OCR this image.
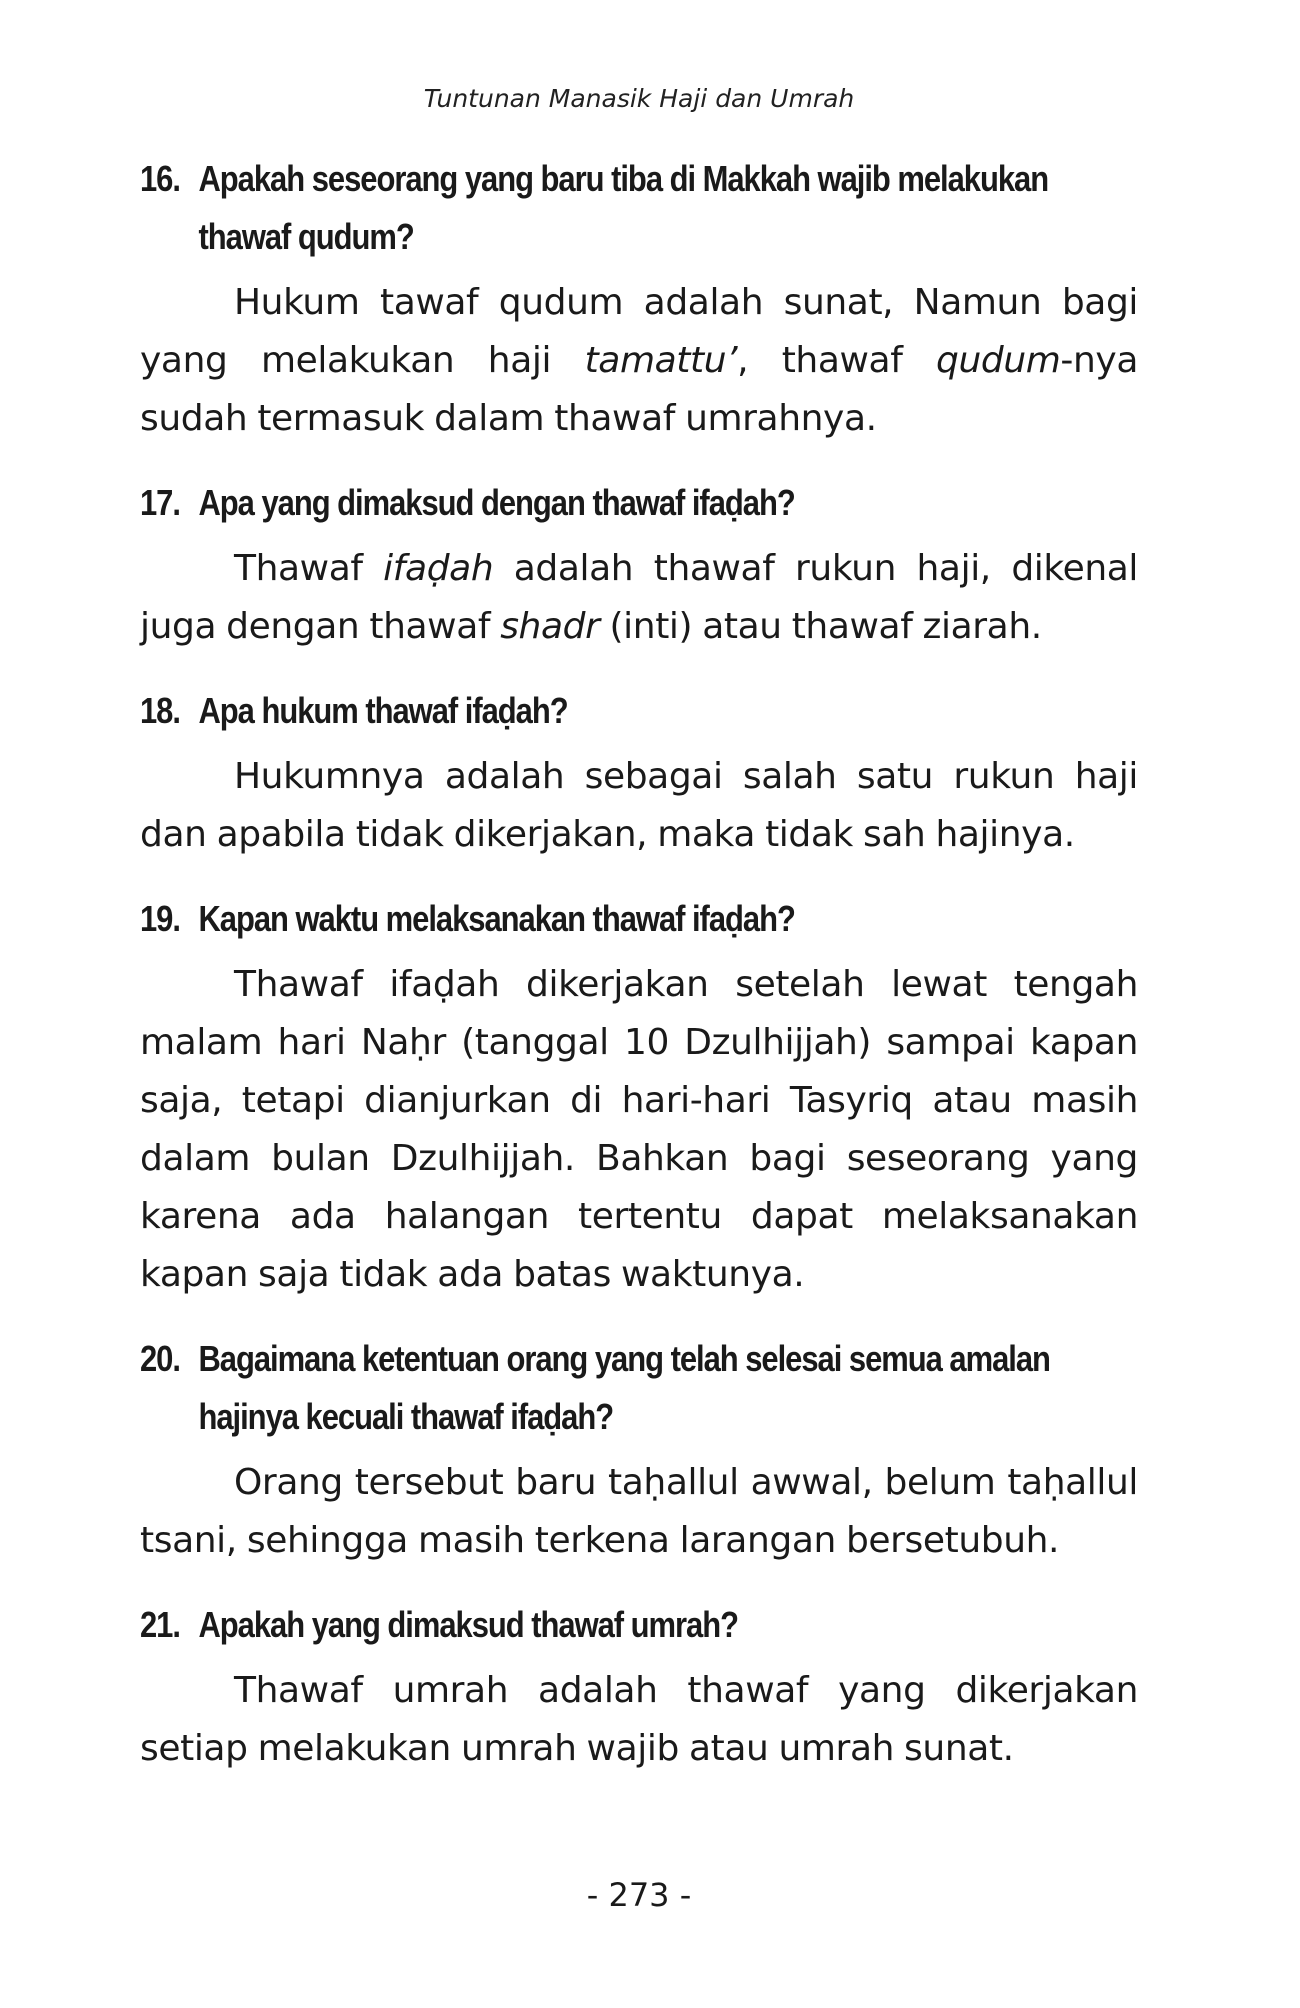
Tuntunan Manasik Haji dan Umrah
16. Apakah seseorang yang baru tiba di Makkah wajib melakukan thawaf qudum?

Hukum tawaf qudum adalah sunat, Namun bagi yang melakukan haji tamattu’, thawaf qudum-nya sudah termasuk dalam thawaf umrahnya.

17. Apa yang dimaksud dengan thawaf ifaḍah?

Thawaf ifaḍah adalah thawaf rukun haji, dikenal juga dengan thawaf shadr (inti) atau thawaf ziarah.

18. Apa hukum thawaf ifaḍah?

Hukumnya adalah sebagai salah satu rukun haji dan apabila tidak dikerjakan, maka tidak sah hajinya.

19. Kapan waktu melaksanakan thawaf ifaḍah?

Thawaf ifaḍah dikerjakan setelah lewat tengah malam hari Naḥr (tanggal 10 Dzulhijjah) sampai kapan saja, tetapi dianjurkan di hari-hari Tasyriq atau masih dalam bulan Dzulhijjah. Bahkan bagi seseorang yang karena ada halangan tertentu dapat melaksanakan kapan saja tidak ada batas waktunya.

20. Bagaimana ketentuan orang yang telah selesai semua amalan hajinya kecuali thawaf ifaḍah?

Orang tersebut baru taḥallul awwal, belum taḥallul tsani, sehingga masih terkena larangan bersetubuh.

21. Apakah yang dimaksud thawaf umrah?

Thawaf umrah adalah thawaf yang dikerjakan setiap melakukan umrah wajib atau umrah sunat.

- 273 -
